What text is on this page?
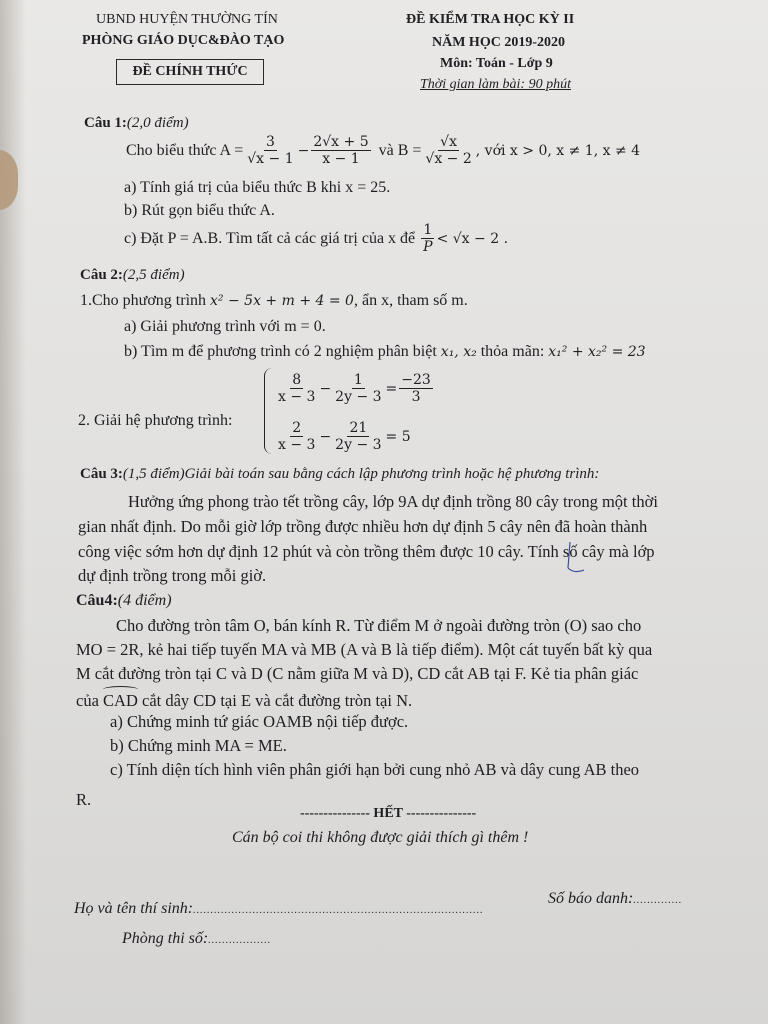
UBND HUYỆN THƯỜNG TÍN
PHÒNG GIÁO DỤC&ĐÀO TẠO
ĐỀ CHÍNH THỨC
ĐỀ KIỂM TRA HỌC KỲ II
NĂM HỌC 2019-2020
Môn: Toán - Lớp 9
Thời gian làm bài: 90 phút
Câu 1:(2,0 điểm)
Cho biểu thức $A = \frac{3}{√x - 1} - \frac{2√x + 5}{x - 1}$ và $B = \frac{√x}{√x - 2}$ , với x > 0, x ≠ 1, x ≠ 4
a) Tính giá trị của biểu thức B khi x = 25.
b) Rút gọn biểu thức A.
c) Đặt P = A.B. Tìm tất cả các giá trị của x để $\frac{1}{P} < √x - 2$ .
Câu 2:(2,5 điểm)
1.Cho phương trình x² − 5x + m + 4 = 0, ẩn x, tham số m.
a) Giải phương trình với m = 0.
b) Tìm m để phương trình có 2 nghiệm phân biệt x₁, x₂ thỏa mãn: x₁² + x₂² = 23
2. Giải hệ phương trình:
$\frac{8}{x - 3} - \frac{1}{2y - 3} = \frac{-23}{3}$
$\frac{2}{x - 3} - \frac{21}{2y - 3} = 5$
Câu 3:(1,5 điểm)Giải bài toán sau bằng cách lập phương trình hoặc hệ phương trình:
Hưởng ứng phong trào tết trồng cây, lớp 9A dự định trồng 80 cây trong một thời
gian nhất định. Do mỗi giờ lớp trồng được nhiều hơn dự định 5 cây nên đã hoàn thành
công việc sớm hơn dự định 12 phút và còn trồng thêm được 10 cây. Tính số cây mà lớp
dự định trồng trong mỗi giờ.
Câu4:(4 điểm)
Cho đường tròn tâm O, bán kính R. Từ điểm M ở ngoài đường tròn (O) sao cho
MO = 2R, kẻ hai tiếp tuyến MA và MB (A và B là tiếp điểm). Một cát tuyến bất kỳ qua
M cắt đường tròn tại C và D (C nằm giữa M và D), CD cắt AB tại F. Kẻ tia phân giác
của CAD cắt dây CD tại E và cắt đường tròn tại N.
a) Chứng minh tứ giác OAMB nội tiếp được.
b) Chứng minh MA = ME.
c) Tính diện tích hình viên phân giới hạn bởi cung nhỏ AB và dây cung AB theo
R.
--------------- HẾT ---------------
Cán bộ coi thi không được giải thích gì thêm !
Họ và tên thí sinh:...................................................................................
Số báo danh:..............
Phòng thi số:..................
